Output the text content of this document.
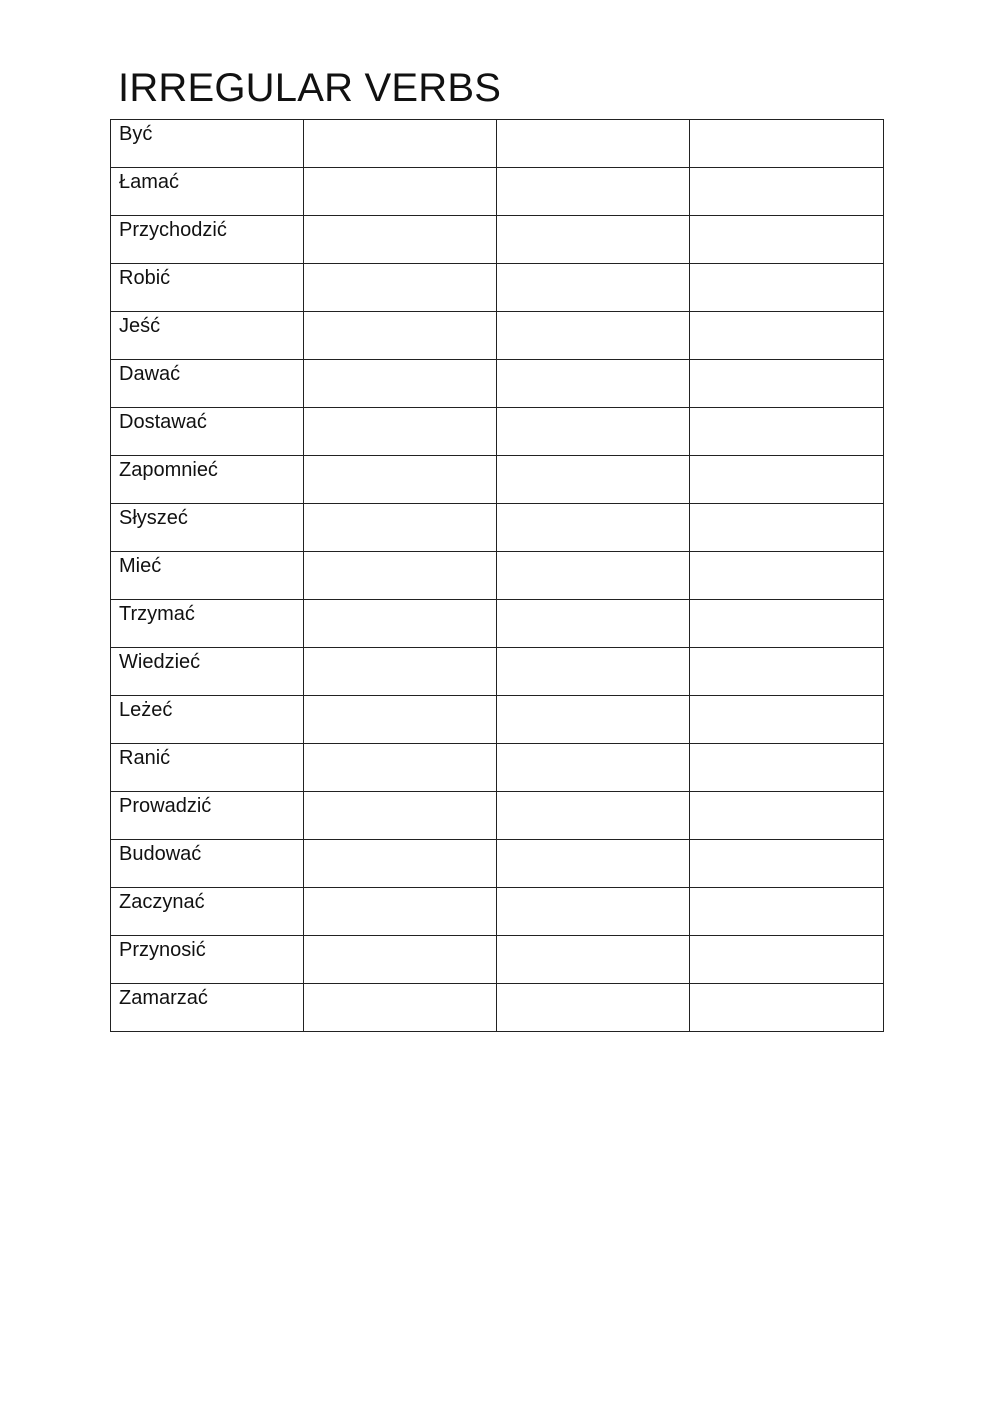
IRREGULAR VERBS
Być			
Łamać			
Przychodzić			
Robić			
Jeść			
Dawać			
Dostawać			
Zapomnieć			
Słyszeć			
Mieć			
Trzymać			
Wiedzieć			
Leżeć			
Ranić			
Prowadzić			
Budować			
Zaczynać			
Przynosić			
Zamarzać			
